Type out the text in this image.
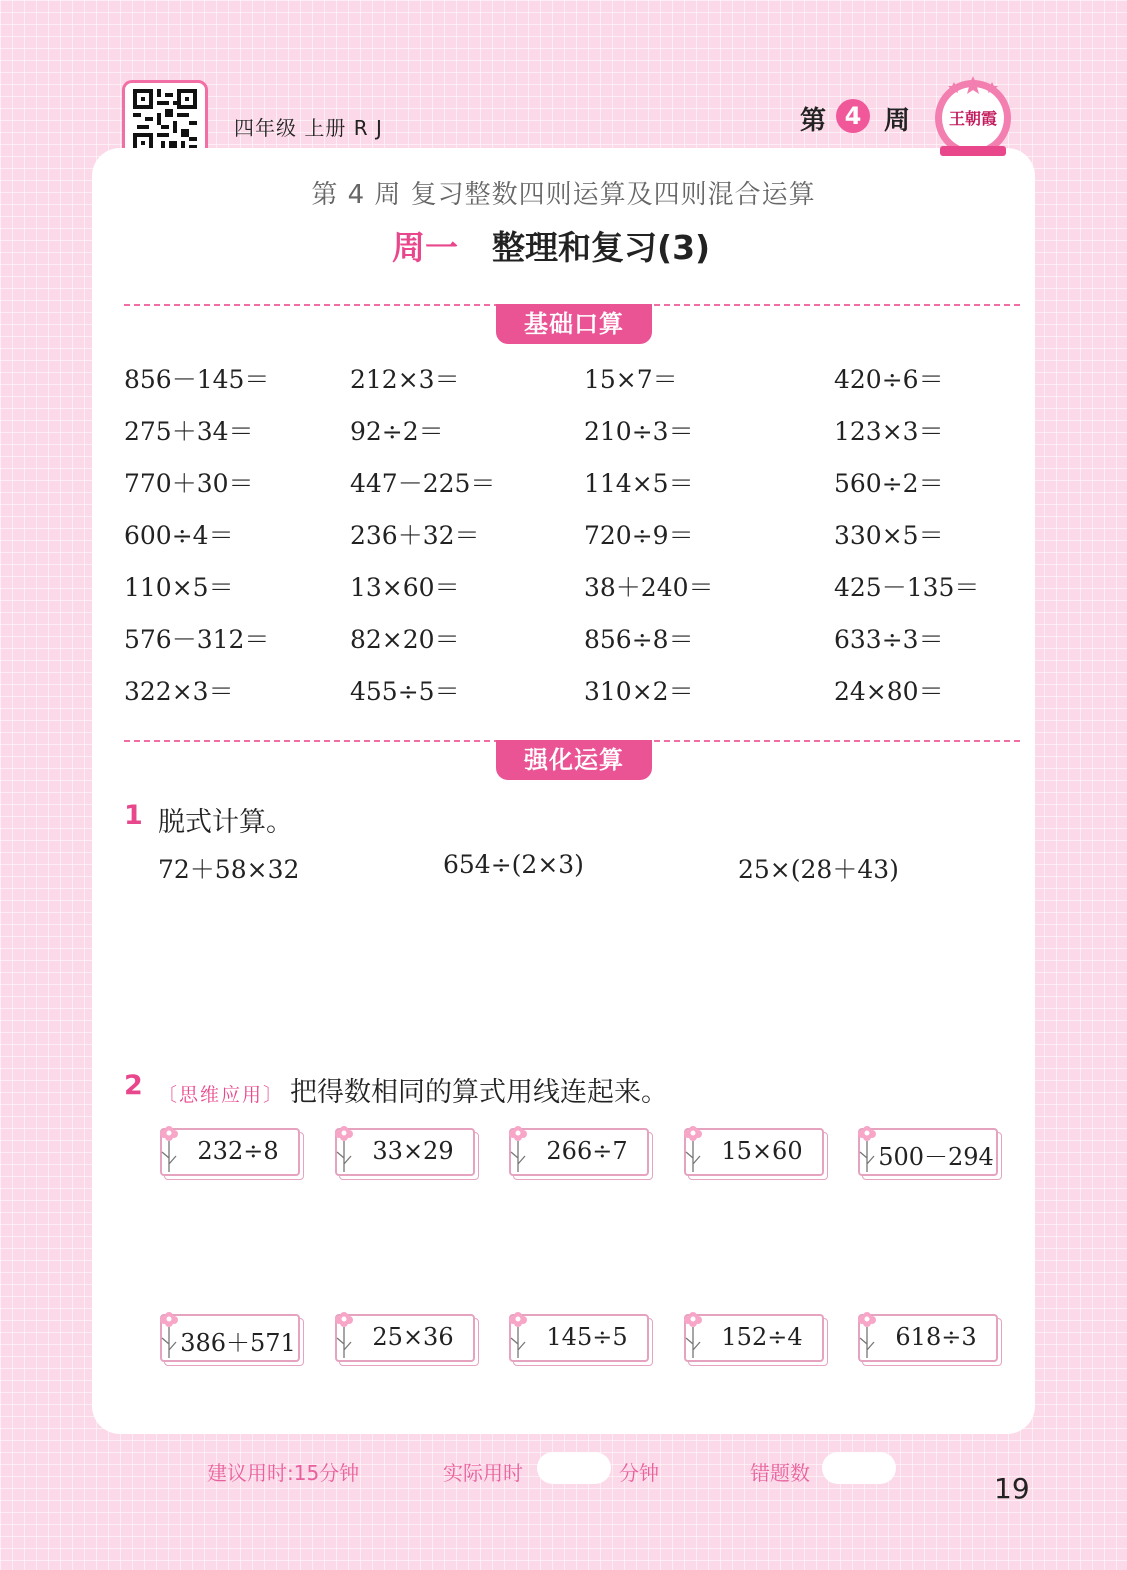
四年级 上册 R J	第 4 周 王朝霞
第 4 周 复习整数四则运算及四则混合运算
周一 整理和复习(3)
基础口算
856－145＝	212×3＝	15×7＝	420÷6＝
275＋34＝	92÷2＝	210÷3＝	123×3＝
770＋30＝	447－225＝	114×5＝	560÷2＝
600÷4＝	236＋32＝	720÷9＝	330×5＝
110×5＝	13×60＝	38＋240＝	425－135＝
576－312＝	82×20＝	856÷8＝	633÷3＝
322×3＝	455÷5＝	310×2＝	24×80＝
强化运算
1 脱式计算。
72＋58×32	654÷(2×3)	25×(28＋43)
2 〔思维应用〕 把得数相同的算式用线连起来。
232÷8	33×29	266÷7	15×60	500－294
386＋571	25×36	145÷5	152÷4	618÷3
建议用时:15分钟	实际用时	分钟	错题数	19
